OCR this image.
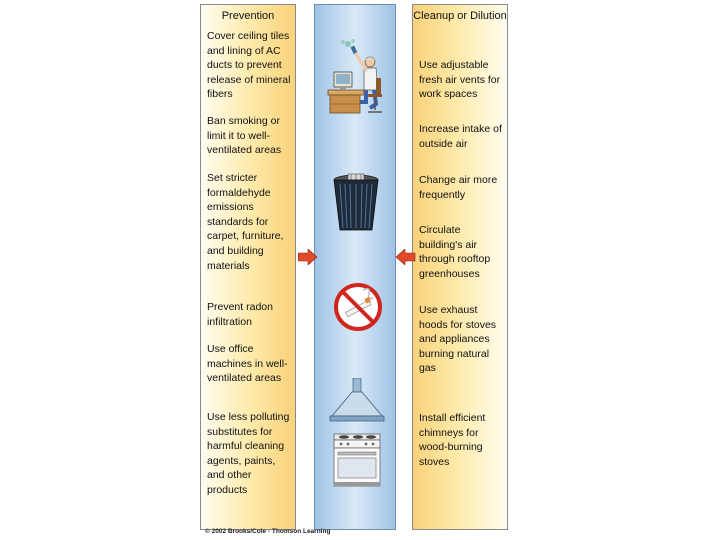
Prevention	Cleanup or Dilution
Cover ceiling tiles and lining of AC ducts to prevent release of mineral fibers
Ban smoking or limit it to well-ventilated areas
Set stricter formaldehyde emissions standards for carpet, furniture, and building materials
Prevent radon infiltration
Use office machines in well-ventilated areas
Use less polluting substitutes for harmful cleaning agents, paints, and other products
Use adjustable fresh air vents for work spaces
Increase intake of outside air
Change air more frequently
Circulate building's air through rooftop greenhouses
Use exhaust hoods for stoves and appliances burning natural gas
Install efficient chimneys for wood-burning stoves
© 2002 Brooks/Cole - Thomson Learning
